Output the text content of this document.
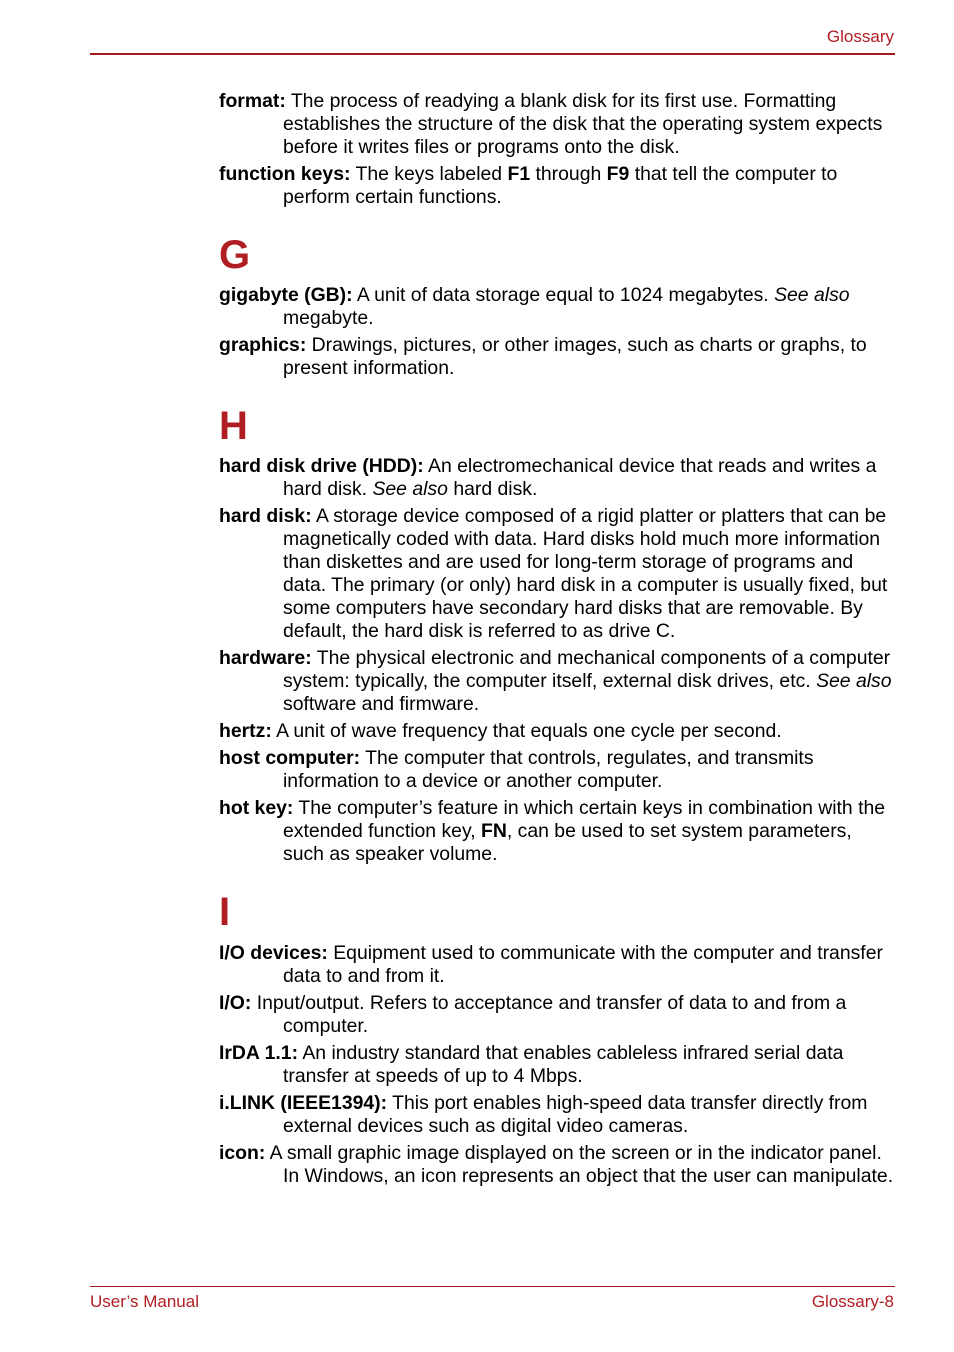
Glossary

format: The process of readying a blank disk for its first use. Formatting establishes the structure of the disk that the operating system expects before it writes files or programs onto the disk.

function keys: The keys labeled F1 through F9 that tell the computer to perform certain functions.

G

gigabyte (GB): A unit of data storage equal to 1024 megabytes. See also megabyte.

graphics: Drawings, pictures, or other images, such as charts or graphs, to present information.

H

hard disk drive (HDD): An electromechanical device that reads and writes a hard disk. See also hard disk.

hard disk: A storage device composed of a rigid platter or platters that can be magnetically coded with data. Hard disks hold much more information than diskettes and are used for long-term storage of programs and data. The primary (or only) hard disk in a computer is usually fixed, but some computers have secondary hard disks that are removable. By default, the hard disk is referred to as drive C.

hardware: The physical electronic and mechanical components of a computer system: typically, the computer itself, external disk drives, etc. See also software and firmware.

hertz: A unit of wave frequency that equals one cycle per second.

host computer: The computer that controls, regulates, and transmits information to a device or another computer.

hot key: The computer’s feature in which certain keys in combination with the extended function key, FN, can be used to set system parameters, such as speaker volume.

I

I/O devices: Equipment used to communicate with the computer and transfer data to and from it.

I/O: Input/output. Refers to acceptance and transfer of data to and from a computer.

IrDA 1.1: An industry standard that enables cableless infrared serial data transfer at speeds of up to 4 Mbps.

i.LINK (IEEE1394): This port enables high-speed data transfer directly from external devices such as digital video cameras.

icon: A small graphic image displayed on the screen or in the indicator panel. In Windows, an icon represents an object that the user can manipulate.

User’s Manual	Glossary-8
